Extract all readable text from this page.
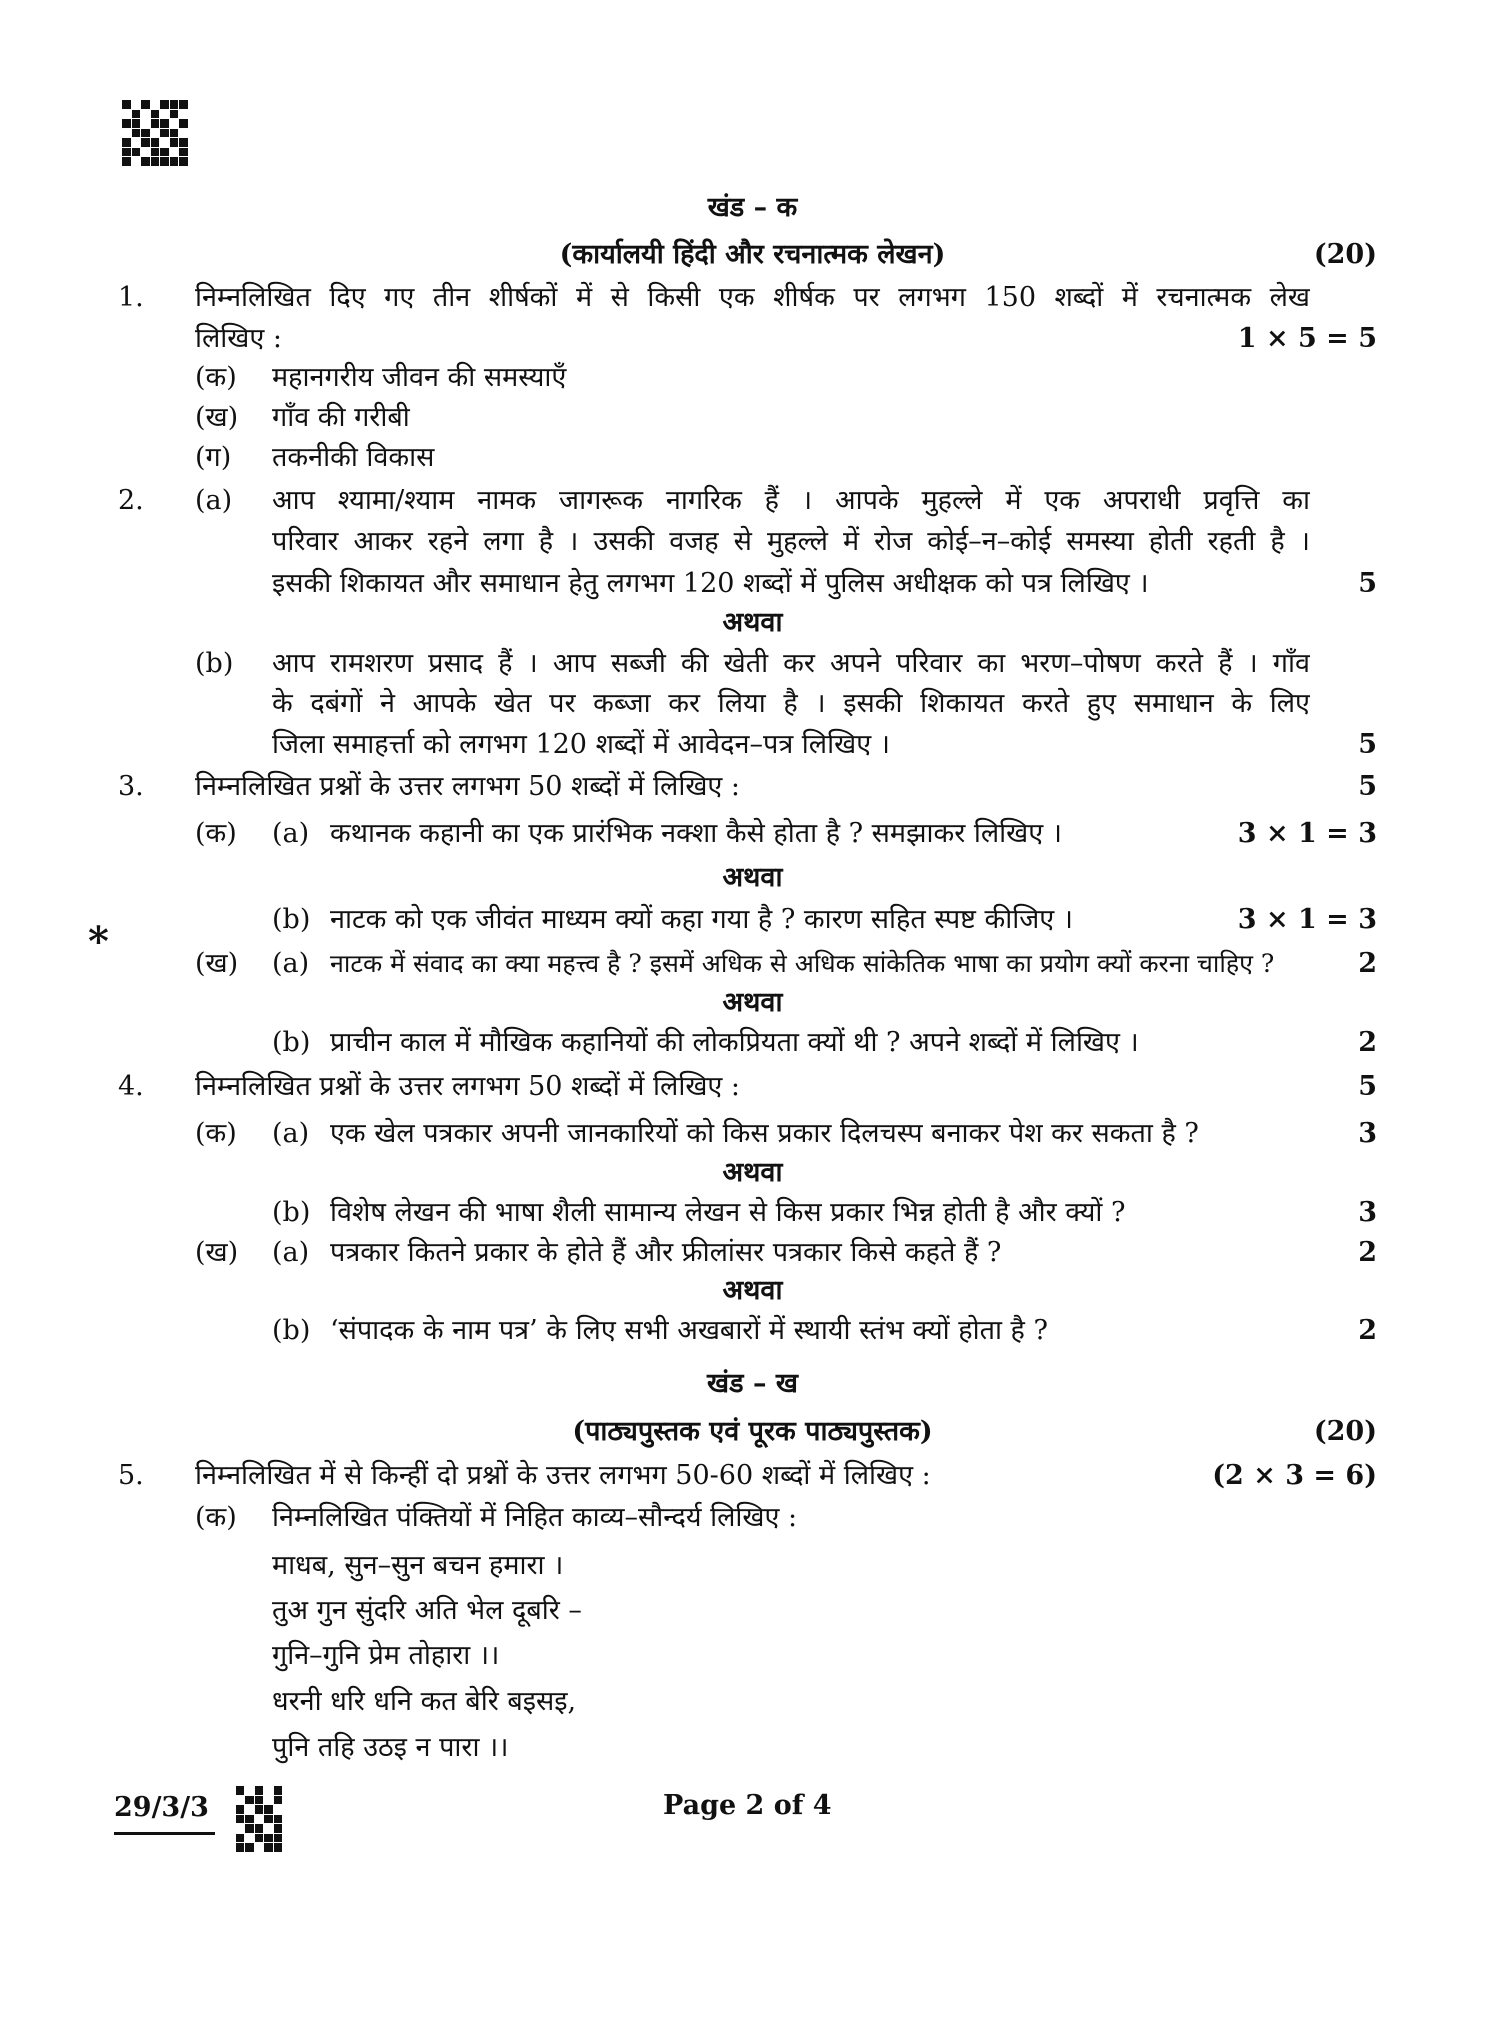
खंड – क
(कार्यालयी हिंदी और रचनात्मक लेखन)	(20)
1. निम्नलिखित दिए गए तीन शीर्षकों में से किसी एक शीर्षक पर लगभग 150 शब्दों में रचनात्मक लेख
लिखिए :	1 × 5 = 5
(क) महानगरीय जीवन की समस्याएँ
(ख) गाँव की गरीबी
(ग) तकनीकी विकास
2. (a) आप श्यामा/श्याम नामक जागरूक नागरिक हैं । आपके मुहल्ले में एक अपराधी प्रवृत्ति का
परिवार आकर रहने लगा है । उसकी वजह से मुहल्ले में रोज कोई–न–कोई समस्या होती रहती है ।
इसकी शिकायत और समाधान हेतु लगभग 120 शब्दों में पुलिस अधीक्षक को पत्र लिखिए ।	5
अथवा
(b) आप रामशरण प्रसाद हैं । आप सब्जी की खेती कर अपने परिवार का भरण–पोषण करते हैं । गाँव
के दबंगों ने आपके खेत पर कब्जा कर लिया है । इसकी शिकायत करते हुए समाधान के लिए
जिला समाहर्त्ता को लगभग 120 शब्दों में आवेदन–पत्र लिखिए ।	5
3. निम्नलिखित प्रश्नों के उत्तर लगभग 50 शब्दों में लिखिए :	5
(क) (a) कथानक कहानी का एक प्रारंभिक नक्शा कैसे होता है ? समझाकर लिखिए ।	3 × 1 = 3
अथवा
(b) नाटक को एक जीवंत माध्यम क्यों कहा गया है ? कारण सहित स्पष्ट कीजिए ।	3 × 1 = 3
*	(ख) (a) नाटक में संवाद का क्या महत्त्व है ? इसमें अधिक से अधिक सांकेतिक भाषा का प्रयोग क्यों करना चाहिए ?	2
अथवा
(b) प्राचीन काल में मौखिक कहानियों की लोकप्रियता क्यों थी ? अपने शब्दों में लिखिए ।	2
4. निम्नलिखित प्रश्नों के उत्तर लगभग 50 शब्दों में लिखिए :	5
(क) (a) एक खेल पत्रकार अपनी जानकारियों को किस प्रकार दिलचस्प बनाकर पेश कर सकता है ?	3
अथवा
(b) विशेष लेखन की भाषा शैली सामान्य लेखन से किस प्रकार भिन्न होती है और क्यों ?	3
(ख) (a) पत्रकार कितने प्रकार के होते हैं और फ्रीलांसर पत्रकार किसे कहते हैं ?	2
अथवा
(b) ‘संपादक के नाम पत्र’ के लिए सभी अखबारों में स्थायी स्तंभ क्यों होता है ?	2
खंड – ख
(पाठ्यपुस्तक एवं पूरक पाठ्यपुस्तक)	(20)
5. निम्नलिखित में से किन्हीं दो प्रश्नों के उत्तर लगभग 50-60 शब्दों में लिखिए :	(2 × 3 = 6)
(क) निम्नलिखित पंक्तियों में निहित काव्य–सौन्दर्य लिखिए :
माधब, सुन–सुन बचन हमारा ।
तुअ गुन सुंदरि अति भेल दूबरि –
गुनि–गुनि प्रेम तोहारा ।।
धरनी धरि धनि कत बेरि बइसइ,
पुनि तहि उठइ न पारा ।।
29/3/3	Page 2 of 4
